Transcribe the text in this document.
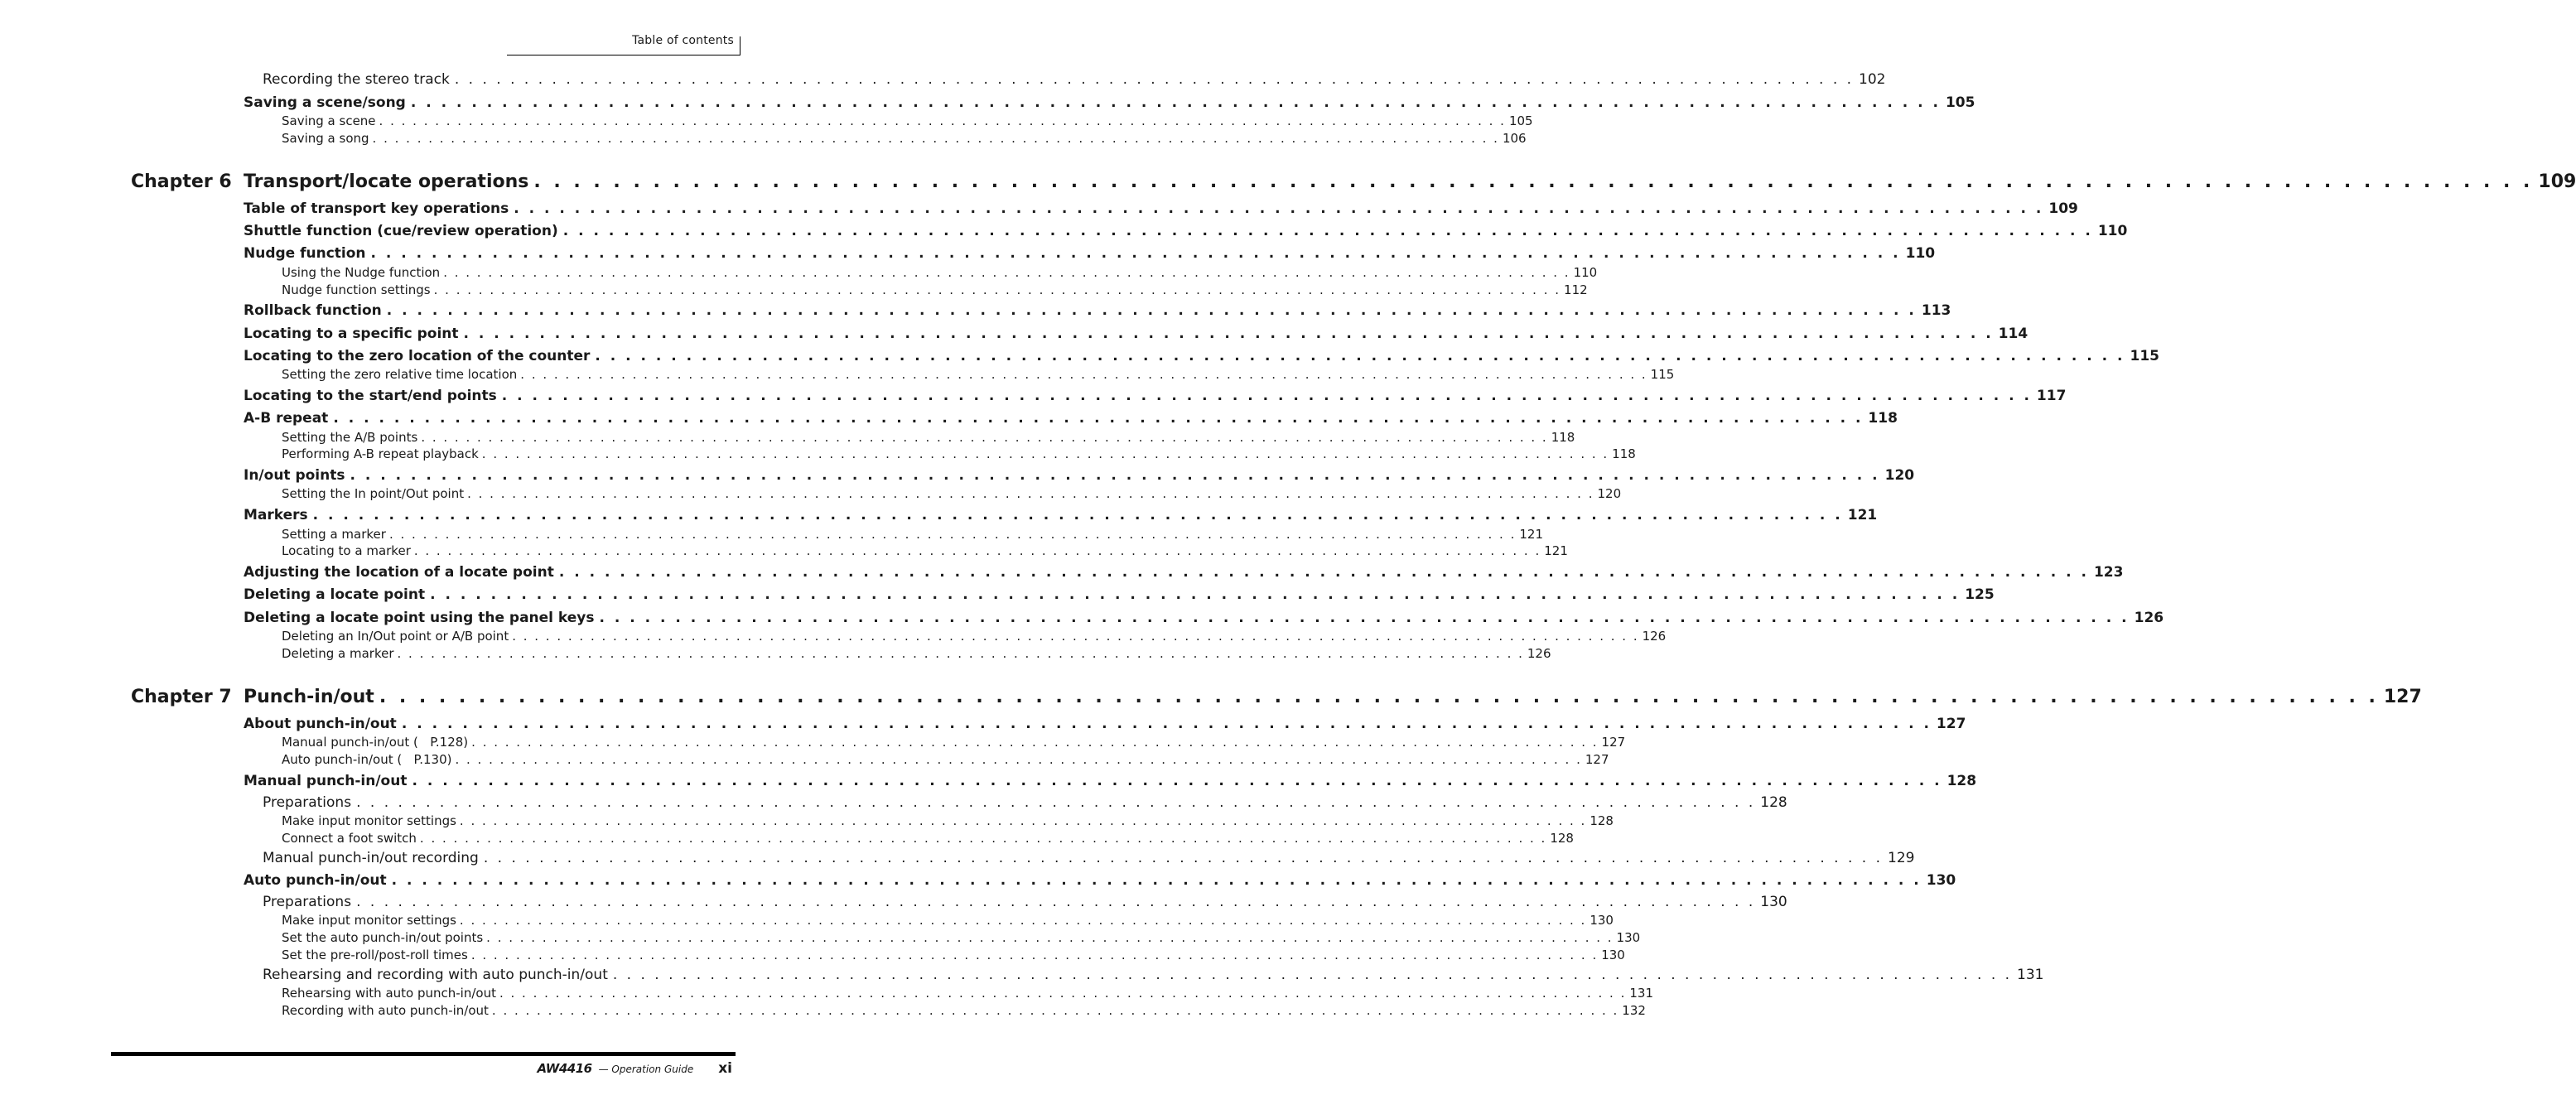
Table of contents
Recording the stereo track . . .	102
Saving a scene/song . . .	105
Saving a scene . . .	105
Saving a song . . .	106
Chapter 6 Transport/locate operations . . .	109
Table of transport key operations . . .	109
Shuttle function (cue/review operation) . . .	110
Nudge function . . .	110
Using the Nudge function . . .	110
Nudge function settings . . .	112
Rollback function . . .	113
Locating to a specific point . . .	114
Locating to the zero location of the counter . . .	115
Setting the zero relative time location . . .	115
Locating to the start/end points . . .	117
A-B repeat . . .	118
Setting the A/B points . . .	118
Performing A-B repeat playback . . .	118
In/out points . . .	120
Setting the In point/Out point . . .	120
Markers . . .	121
Setting a marker . . .	121
Locating to a marker . . .	121
Adjusting the location of a locate point . . .	123
Deleting a locate point . . .	125
Deleting a locate point using the panel keys . . .	126
Deleting an In/Out point or A/B point . . .	126
Deleting a marker . . .	126
Chapter 7 Punch-in/out . . .	127
About punch-in/out . . .	127
Manual punch-in/out (   P.128) . . .	127
Auto punch-in/out (   P.130) . . .	127
Manual punch-in/out . . .	128
Preparations . . .	128
Make input monitor settings . . .	128
Connect a foot switch . . .	128
Manual punch-in/out recording . . .	129
Auto punch-in/out . . .	130
Preparations . . .	130
Make input monitor settings . . .	130
Set the auto punch-in/out points . . .	130
Set the pre-roll/post-roll times . . .	130
Rehearsing and recording with auto punch-in/out . . .	131
Rehearsing with auto punch-in/out . . .	131
Recording with auto punch-in/out . . .	132
AW4416 — Operation Guide xi
